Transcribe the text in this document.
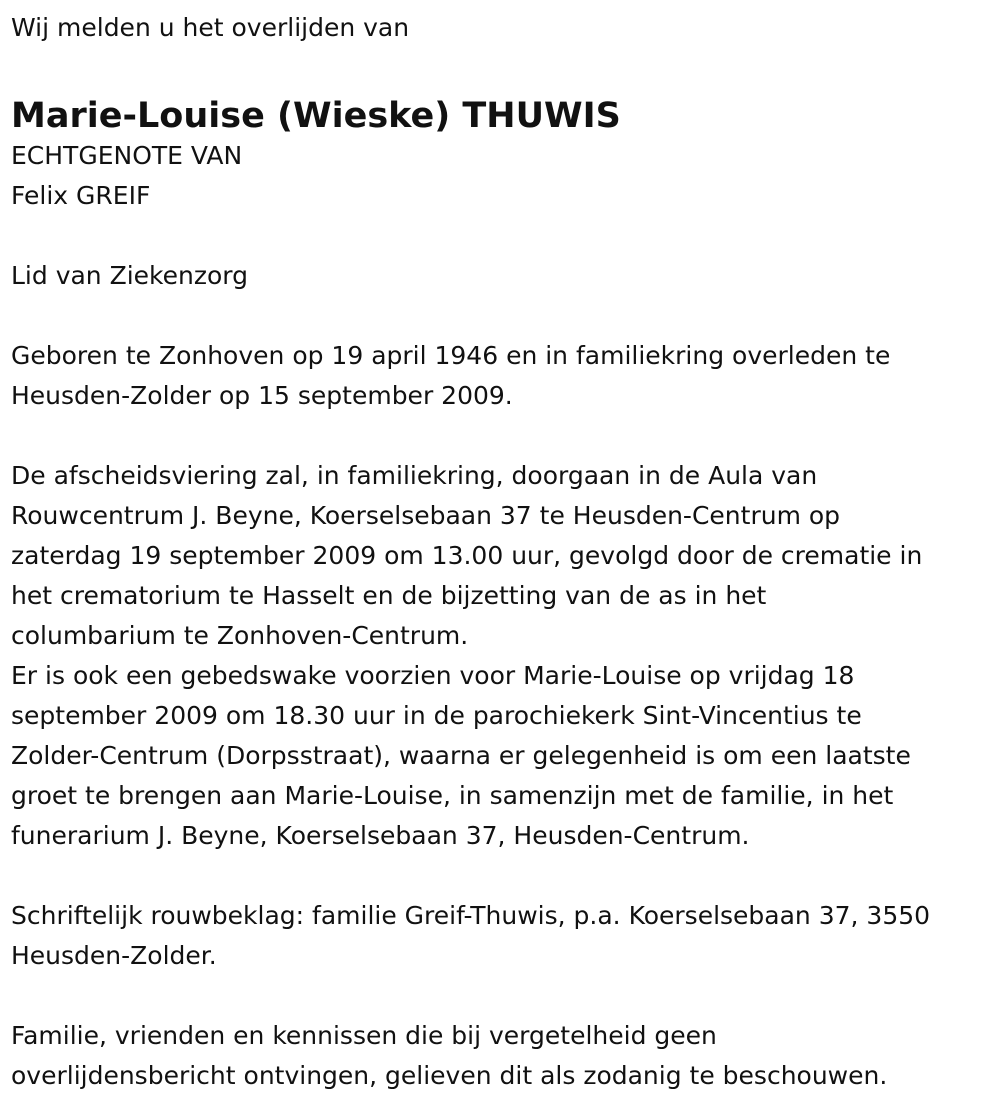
Wij melden u het overlijden van
Marie-Louise (Wieske) THUWIS
ECHTGENOTE VAN
Felix GREIF
Lid van Ziekenzorg
Geboren te Zonhoven op 19 april 1946 en in familiekring overleden te
Heusden-Zolder op 15 september 2009.
De afscheidsviering zal, in familiekring, doorgaan in de Aula van
Rouwcentrum J. Beyne, Koerselsebaan 37 te Heusden-Centrum op
zaterdag 19 september 2009 om 13.00 uur, gevolgd door de crematie in
het crematorium te Hasselt en de bijzetting van de as in het
columbarium te Zonhoven-Centrum.
Er is ook een gebedswake voorzien voor Marie-Louise op vrijdag 18
september 2009 om 18.30 uur in de parochiekerk Sint-Vincentius te
Zolder-Centrum (Dorpsstraat), waarna er gelegenheid is om een laatste
groet te brengen aan Marie-Louise, in samenzijn met de familie, in het
funerarium J. Beyne, Koerselsebaan 37, Heusden-Centrum.
Schriftelijk rouwbeklag: familie Greif-Thuwis, p.a. Koerselsebaan 37, 3550
Heusden-Zolder.
Familie, vrienden en kennissen die bij vergetelheid geen
overlijdensbericht ontvingen, gelieven dit als zodanig te beschouwen.
